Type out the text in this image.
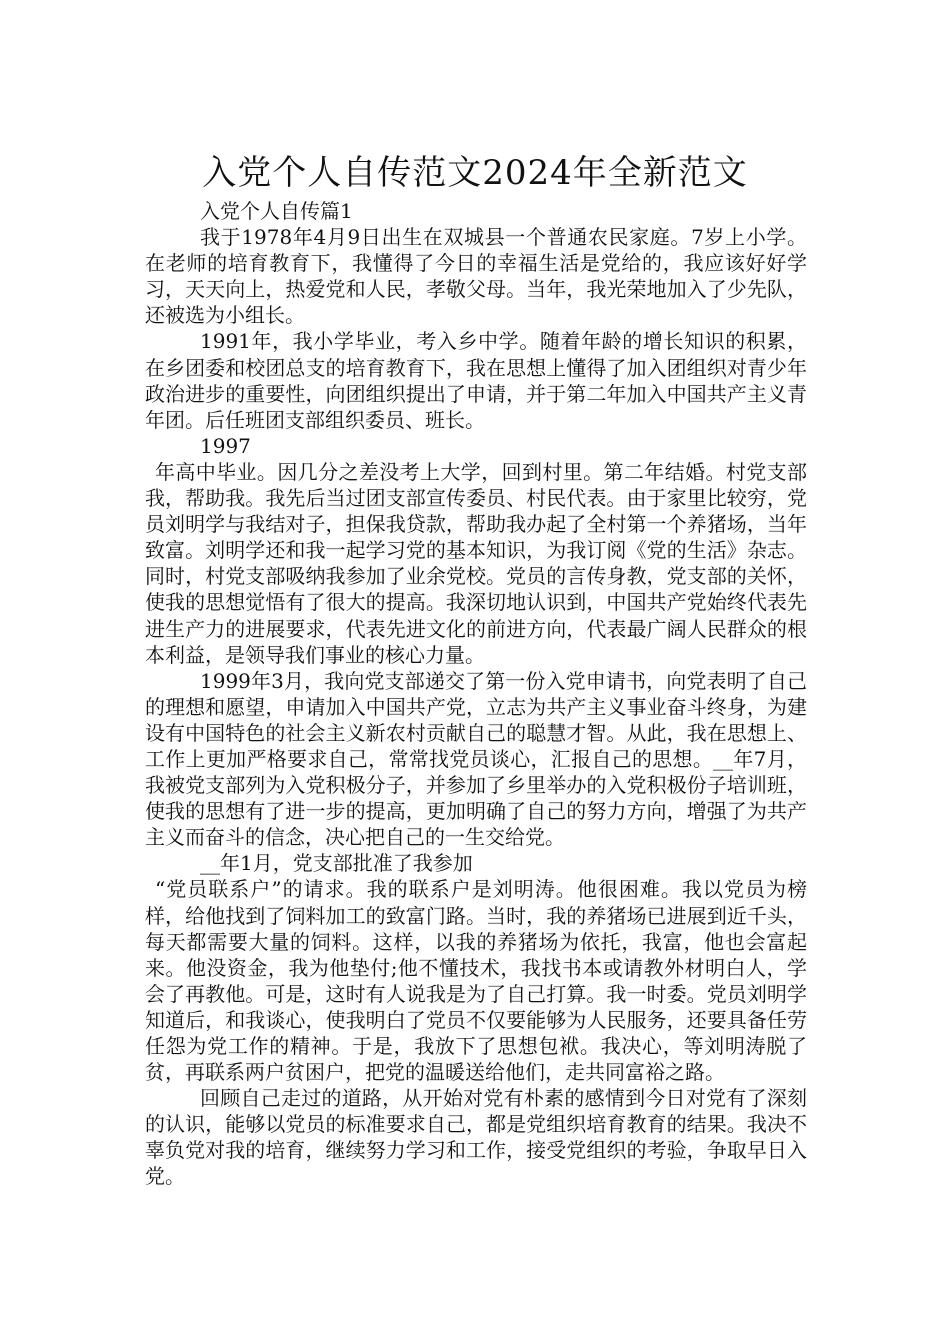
入党个人自传范文2024年全新范文

入党个人自传篇1

我于1978年4月9日出生在双城县一个普通农民家庭。7岁上小学。在老师的培育教育下，我懂得了今日的幸福生活是党给的，我应该好好学习，天天向上，热爱党和人民，孝敬父母。当年，我光荣地加入了少先队，还被选为小组长。

1991年，我小学毕业，考入乡中学。随着年龄的增长知识的积累，在乡团委和校团总支的培育教育下，我在思想上懂得了加入团组织对青少年政治进步的重要性，向团组织提出了申请，并于第二年加入中国共产主义青年团。后任班团支部组织委员、班长。

1997

年高中毕业。因几分之差没考上大学，回到村里。第二年结婚。村党支部我，帮助我。我先后当过团支部宣传委员、村民代表。由于家里比较穷，党员刘明学与我结对子，担保我贷款，帮助我办起了全村第一个养猪场，当年致富。刘明学还和我一起学习党的基本知识，为我订阅《党的生活》杂志。同时，村党支部吸纳我参加了业余党校。党员的言传身教，党支部的关怀，使我的思想觉悟有了很大的提高。我深切地认识到，中国共产党始终代表先进生产力的进展要求，代表先进文化的前进方向，代表最广阔人民群众的根本利益，是领导我们事业的核心力量。

1999年3月，我向党支部递交了第一份入党申请书，向党表明了自己的理想和愿望，申请加入中国共产党，立志为共产主义事业奋斗终身，为建设有中国特色的社会主义新农村贡献自己的聪慧才智。从此，我在思想上、工作上更加严格要求自己，常常找党员谈心，汇报自己的思想。__年7月，我被党支部列为入党积极分子，并参加了乡里举办的入党积极份子培训班，使我的思想有了进一步的提高，更加明确了自己的努力方向，增强了为共产主义而奋斗的信念，决心把自己的一生交给党。

__年1月，党支部批准了我参加

“党员联系户”的请求。我的联系户是刘明涛。他很困难。我以党员为榜样，给他找到了饲料加工的致富门路。当时，我的养猪场已进展到近千头，每天都需要大量的饲料。这样，以我的养猪场为依托，我富，他也会富起来。他没资金，我为他垫付;他不懂技术，我找书本或请教外材明白人，学会了再教他。可是，这时有人说我是为了自己打算。我一时委。党员刘明学知道后，和我谈心，使我明白了党员不仅要能够为人民服务，还要具备任劳任怨为党工作的精神。于是，我放下了思想包袱。我决心，等刘明涛脱了贫，再联系两户贫困户，把党的温暖送给他们，走共同富裕之路。

回顾自己走过的道路，从开始对党有朴素的感情到今日对党有了深刻的认识，能够以党员的标准要求自己，都是党组织培育教育的结果。我决不辜负党对我的培育，继续努力学习和工作，接受党组织的考验，争取早日入党。
